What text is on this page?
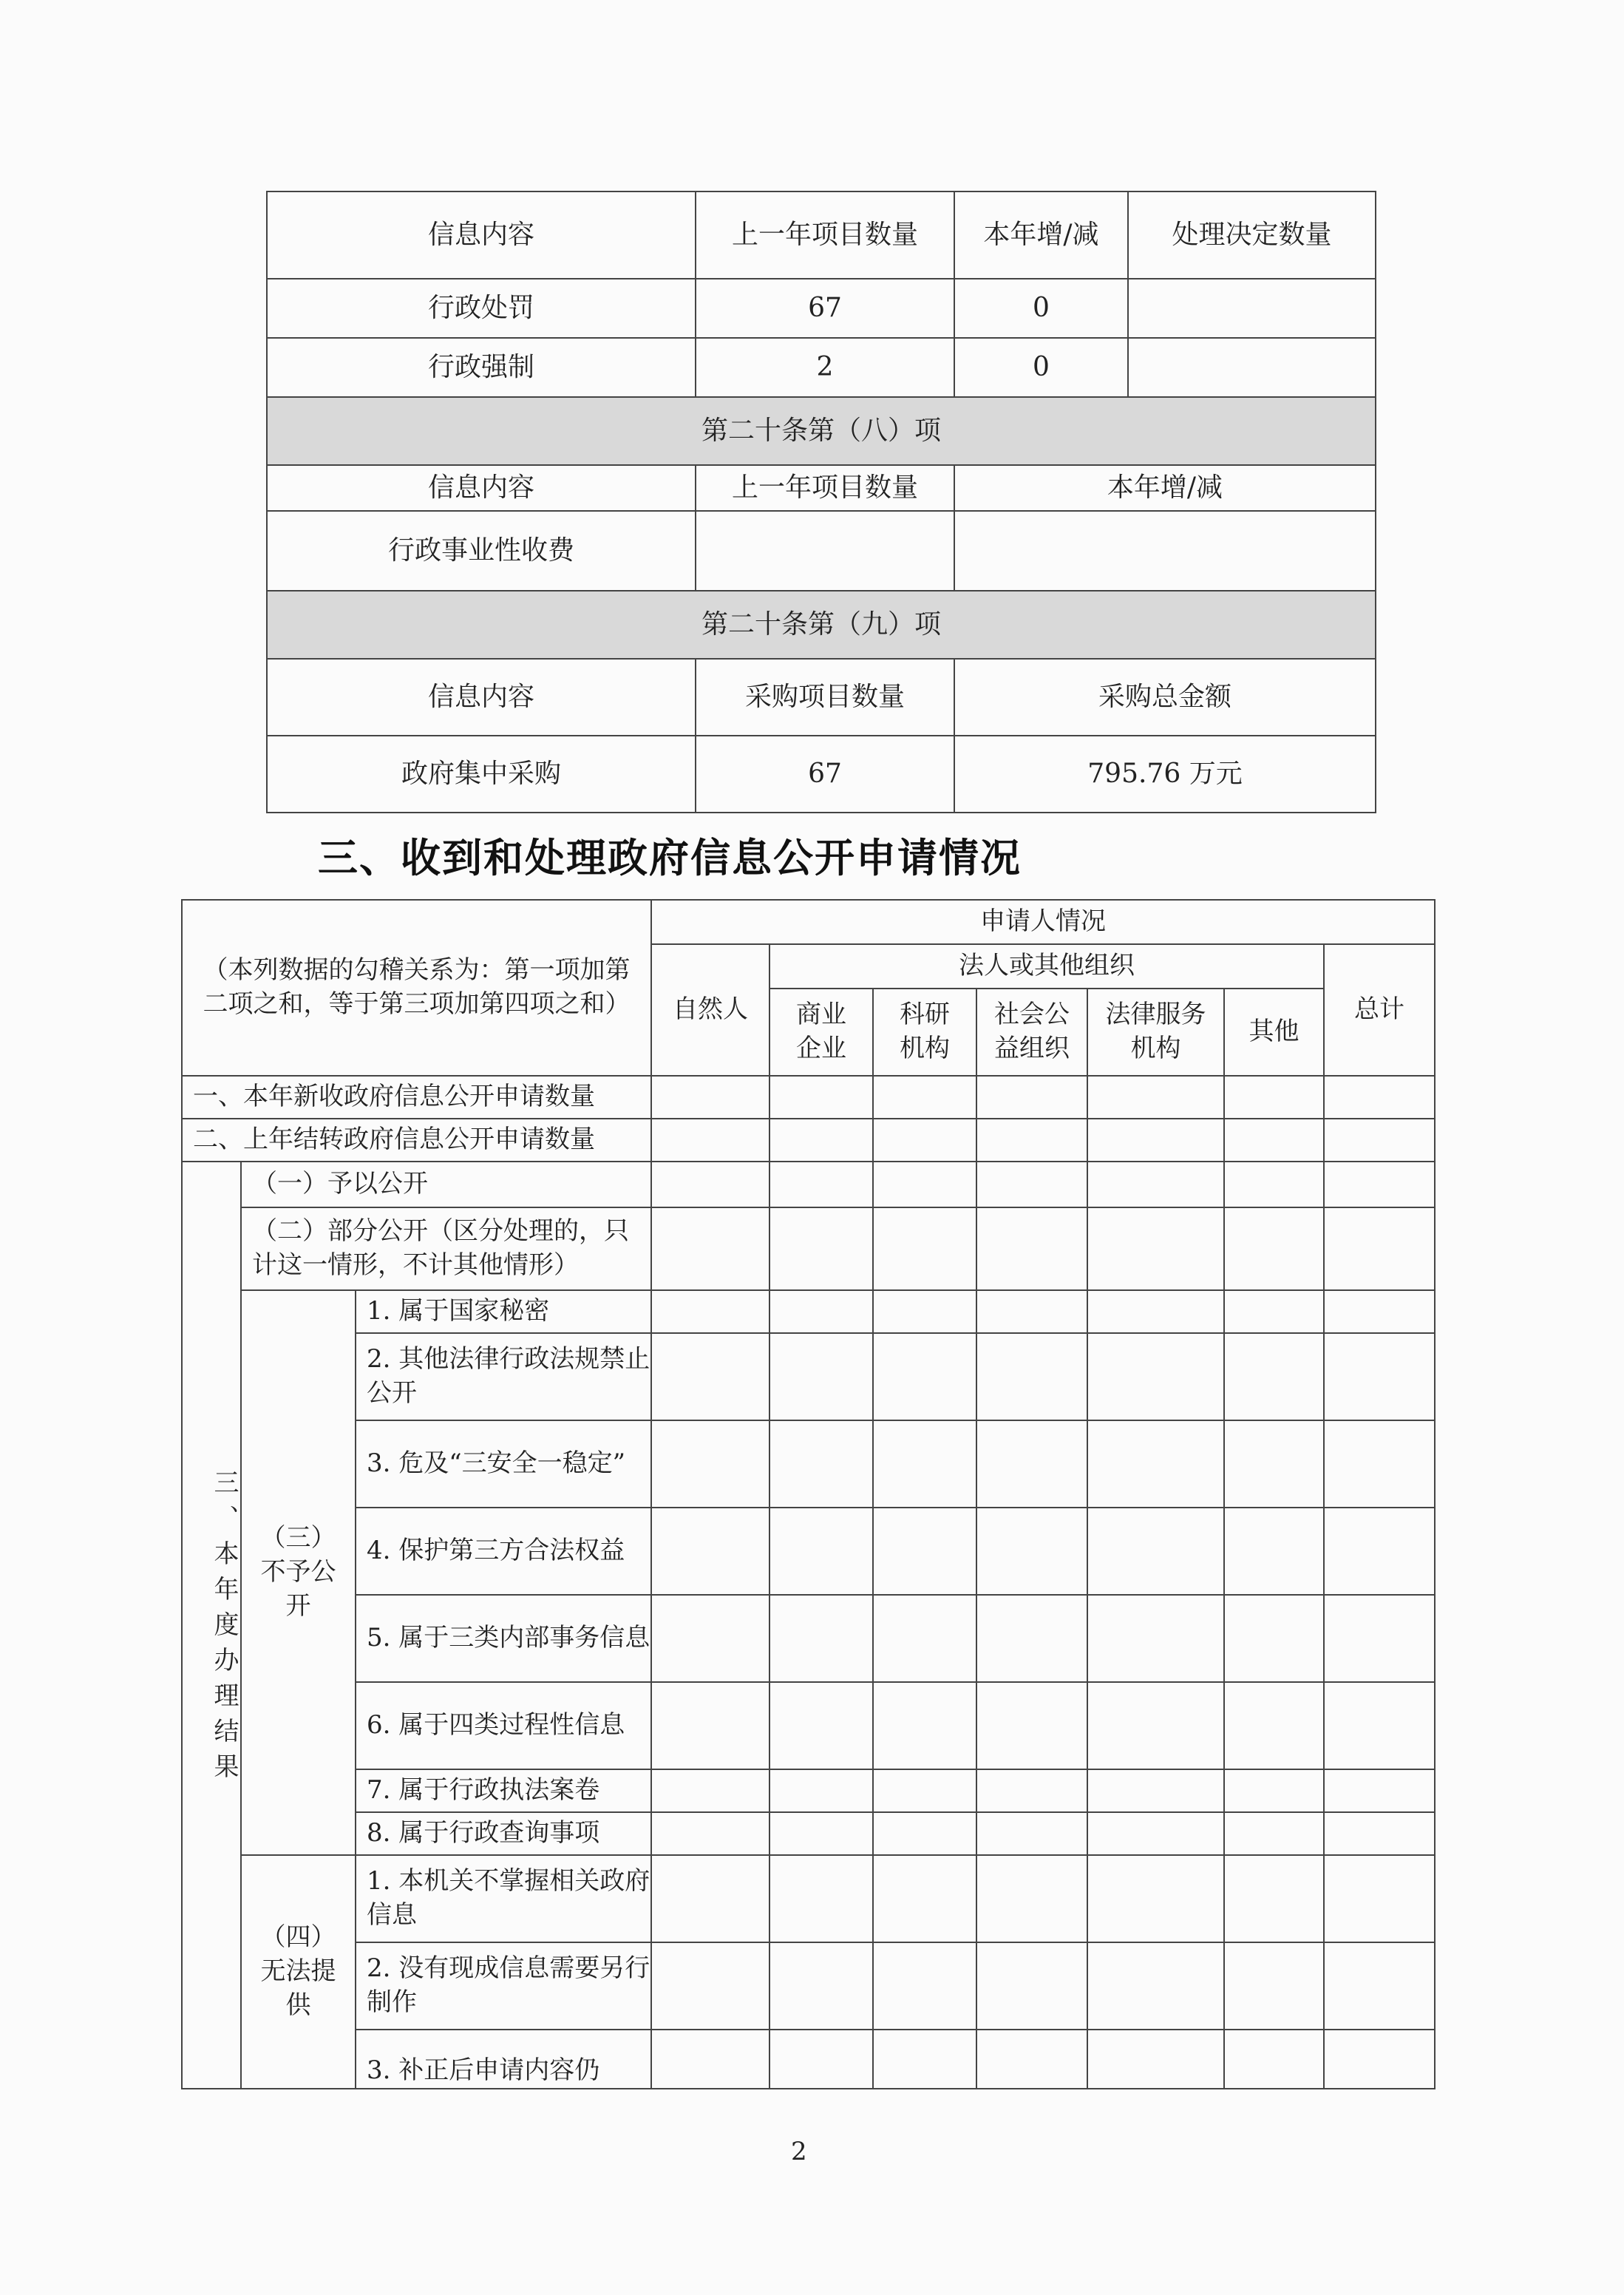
信息内容	上一年项目数量	本年增/减	处理决定数量
行政处罚	67	0	
行政强制	2	0	
第二十条第（八）项			
信息内容	上一年项目数量	本年增/减	
行政事业性收费			
第二十条第（九）项			
信息内容	采购项目数量	采购总金额	
政府集中采购	67	795.76 万元	
三、收到和处理政府信息公开申请情况
（本列数据的勾稽关系为：第一项加第二项之和，等于第三项加第四项之和）			申请人情况						
			自然人	法人或其他组织					总计
				商业企业	科研机构	社会公益组织	法律服务机构	其他	
一、本年新收政府信息公开申请数量									
二、上年结转政府信息公开申请数量									
三、本年度办理结果	（一）予以公开								
	（二）部分公开（区分处理的，只计这一情形，不计其他情形）								
	（三）不予公开	1. 属于国家秘密							
		2. 其他法律行政法规禁止公开							
		3. 危及“三安全一稳定”							
		4. 保护第三方合法权益							
		5. 属于三类内部事务信息							
		6. 属于四类过程性信息							
		7. 属于行政执法案卷							
		8. 属于行政查询事项							
	（四）无法提供	1. 本机关不掌握相关政府信息							
		2. 没有现成信息需要另行制作							
		3. 补正后申请内容仍							
2
